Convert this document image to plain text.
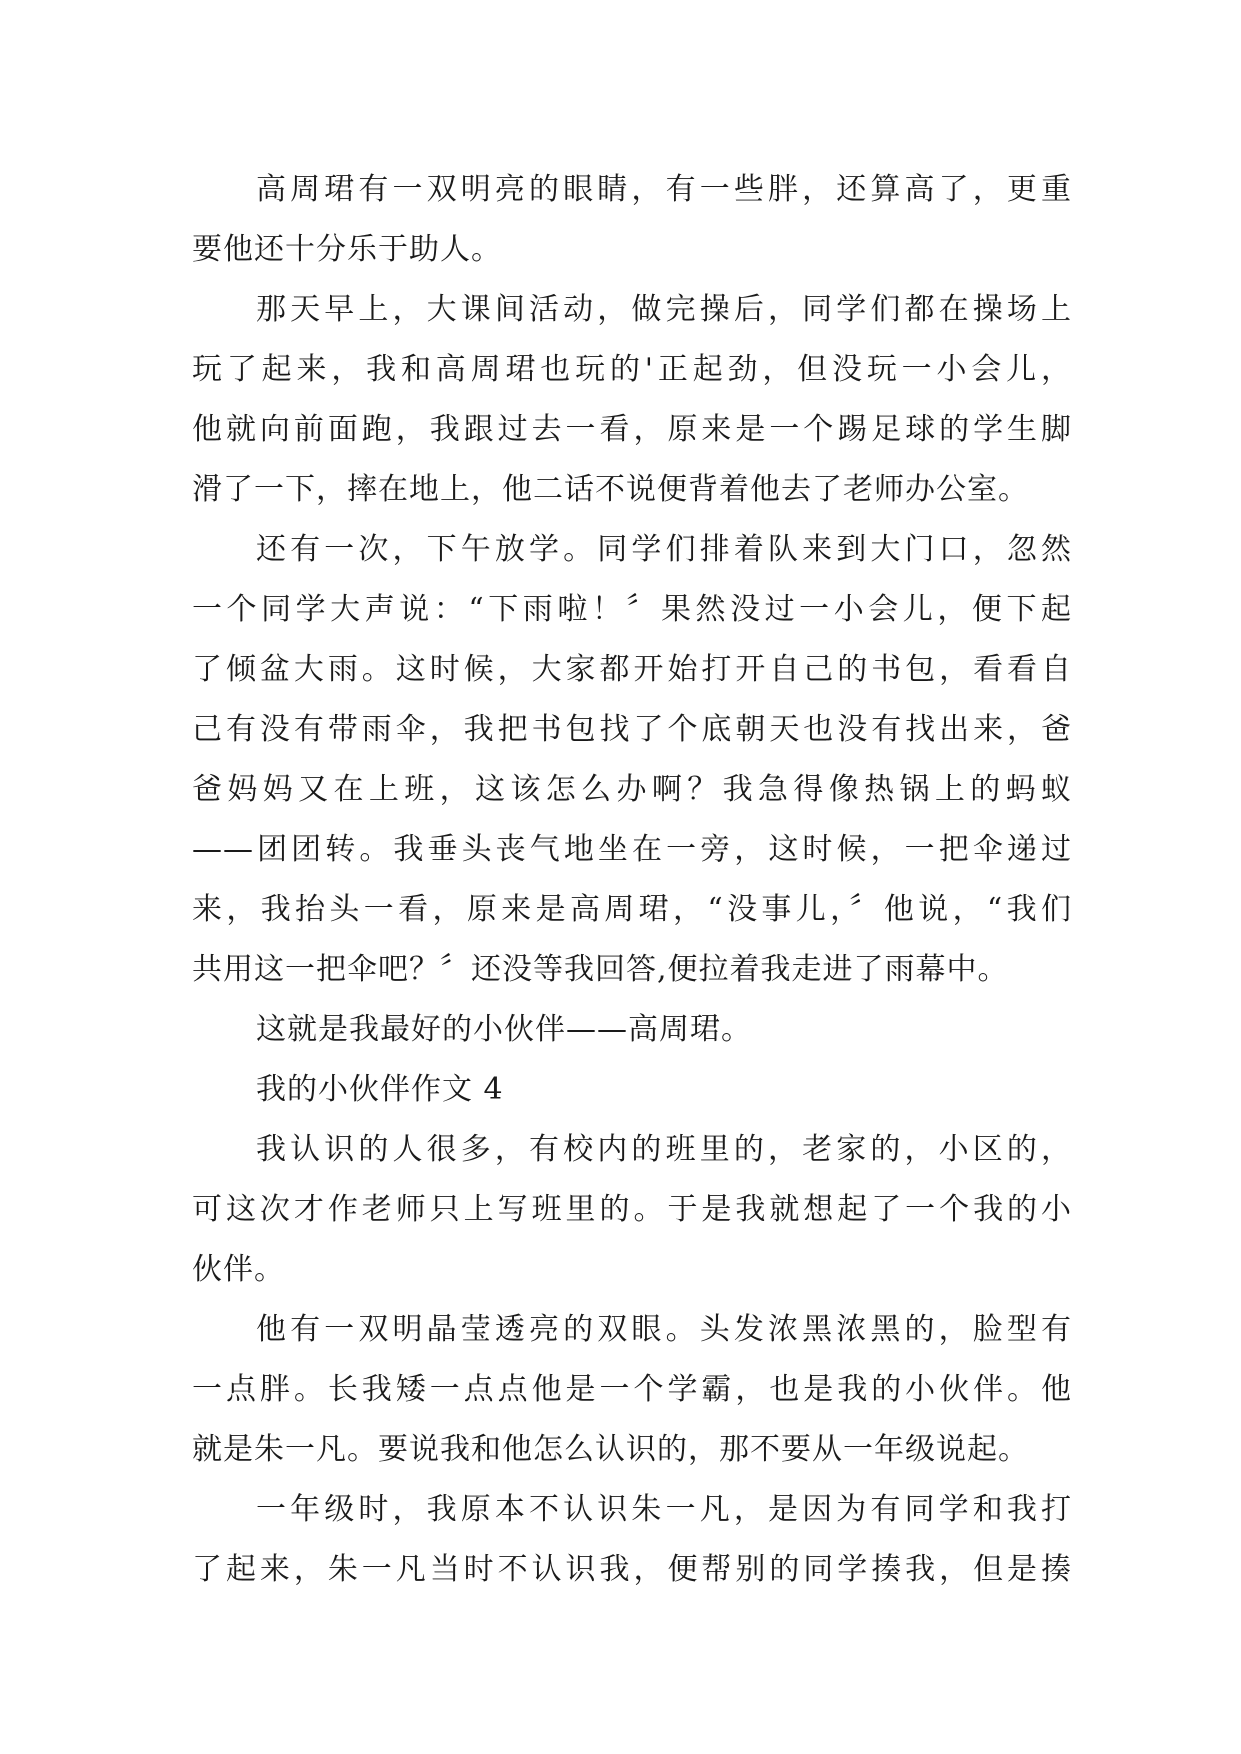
高周珺有一双明亮的眼睛，有一些胖，还算高了，更重
要他还十分乐于助人。
那天早上，大课间活动，做完操后，同学们都在操场上
玩了起来，我和高周珺也玩的'正起劲，但没玩一小会儿，
他就向前面跑，我跟过去一看，原来是一个踢足球的学生脚
滑了一下，摔在地上，他二话不说便背着他去了老师办公室。
还有一次，下午放学。同学们排着队来到大门口，忽然
一个同学大声说：“下雨啦！〞果然没过一小会儿，便下起
了倾盆大雨。这时候，大家都开始打开自己的书包，看看自
己有没有带雨伞，我把书包找了个底朝天也没有找出来，爸
爸妈妈又在上班，这该怎么办啊？我急得像热锅上的蚂蚁
——团团转。我垂头丧气地坐在一旁，这时候，一把伞递过
来，我抬头一看，原来是高周珺，“没事儿，〞他说，“我们
共用这一把伞吧？〞还没等我回答,便拉着我走进了雨幕中。
这就是我最好的小伙伴——高周珺。
我的小伙伴作文 4
我认识的人很多，有校内的班里的，老家的，小区的，
可这次才作老师只上写班里的。于是我就想起了一个我的小
伙伴。
他有一双明晶莹透亮的双眼。头发浓黑浓黑的，脸型有
一点胖。长我矮一点点他是一个学霸，也是我的小伙伴。他
就是朱一凡。要说我和他怎么认识的，那不要从一年级说起。
一年级时，我原本不认识朱一凡，是因为有同学和我打
了起来，朱一凡当时不认识我，便帮别的同学揍我，但是揍
